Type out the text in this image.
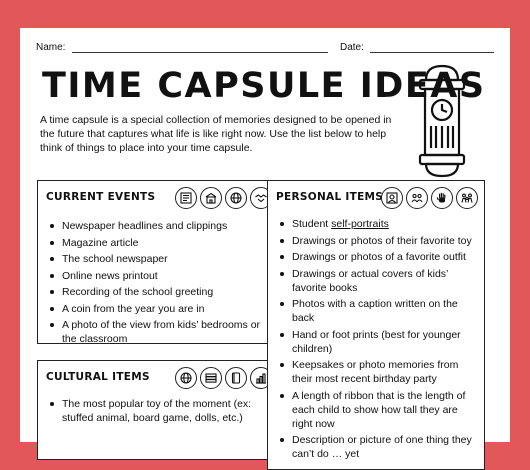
Name:	Date:
TIME CAPSULE IDEAS
A time capsule is a special collection of memories designed to be opened in the future that captures what life is like right now. Use the list below to help think of things to place into your time capsule.
CURRENT EVENTS
Newspaper headlines and clippings
Magazine article
The school newspaper
Online news printout
Recording of the school greeting
A coin from the year you are in
A photo of the view from kids’ bedrooms or the classroom
CULTURAL ITEMS
The most popular toy of the moment (ex: stuffed animal, board game, dolls, etc.)
PERSONAL ITEMS
Student self-portraits
Drawings or photos of their favorite toy
Drawings or photos of a favorite outfit
Drawings or actual covers of kids’ favorite books
Photos with a caption written on the back
Hand or foot prints (best for younger children)
Keepsakes or photo memories from their most recent birthday party
A length of ribbon that is the length of each child to show how tall they are right now
Description or picture of one thing they can’t do … yet
